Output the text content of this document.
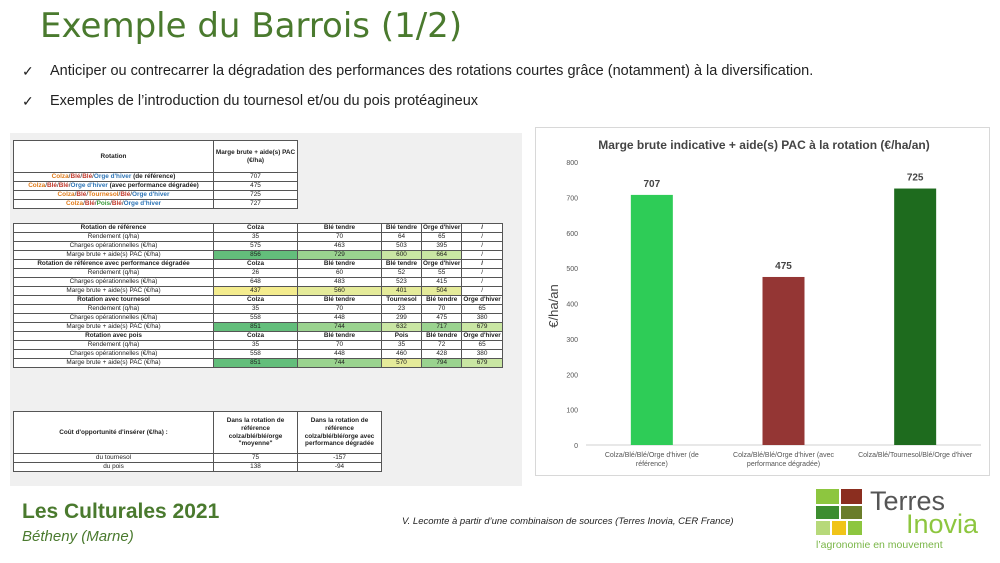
Exemple du Barrois (1/2)
✓	Anticiper ou contrecarrer la dégradation des performances des rotations courtes grâce (notamment) à la diversification.
✓	Exemples de l’introduction du tournesol et/ou du pois protéagineux
Rotation	Marge brute + aide(s) PAC (€/ha)
Colza/Blé/Blé/Orge d'hiver (de référence)	707
Colza/Blé/Blé/Orge d'hiver (avec performance dégradée)	475
Colza/Blé/Tournesol/Blé/Orge d'hiver	725
Colza/Blé/Pois/Blé/Orge d'hiver	727
Rotation de référence	Colza	Blé tendre	Blé tendre	Orge d'hiver	/
Rendement (q/ha)	35	70	64	65	/
Charges opérationnelles (€/ha)	575	463	503	395	/
Marge brute + aide(s) PAC (€/ha)	856	729	600	664	/
Rotation de référence avec performance dégradée	Colza	Blé tendre	Blé tendre	Orge d'hiver	/
Rendement (q/ha)	26	60	52	55	/
Charges opérationnelles (€/ha)	648	483	523	415	/
Marge brute + aide(s) PAC (€/ha)	437	560	401	504	/
Rotation avec tournesol	Colza	Blé tendre	Tournesol	Blé tendre	Orge d'hiver
Rendement (q/ha)	35	70	23	70	65
Charges opérationnelles (€/ha)	558	448	299	475	380
Marge brute + aide(s) PAC (€/ha)	851	744	632	717	679
Rotation avec pois	Colza	Blé tendre	Pois	Blé tendre	Orge d'hiver
Rendement (q/ha)	35	70	35	72	65
Charges opérationnelles (€/ha)	558	448	460	428	380
Marge brute + aide(s) PAC (€/ha)	851	744	570	794	679
Coût d'opportunité d'insérer (€/ha) :	Dans la rotation de référence colza/blé/blé/orge "moyenne"	Dans la rotation de référence colza/blé/blé/orge avec performance dégradée
du tournesol	75	-157
du pois	138	-94
Marge brute indicative + aide(s) PAC à la rotation (€/ha/an)
€/ha/an
0
100
200
300
400
500
600
700
800
707
Colza/Blé/Blé/Orge d'hiver (de
référence)
475
Colza/Blé/Blé/Orge d'hiver (avec
performance dégradée)
725
Colza/Blé/Tournesol/Blé/Orge d'hiver
Les Culturales 2021
Bétheny (Marne)
V. Lecomte à partir d’une combinaison de sources (Terres Inovia, CER France)
Terres
Inovia
l’agronomie en mouvement
